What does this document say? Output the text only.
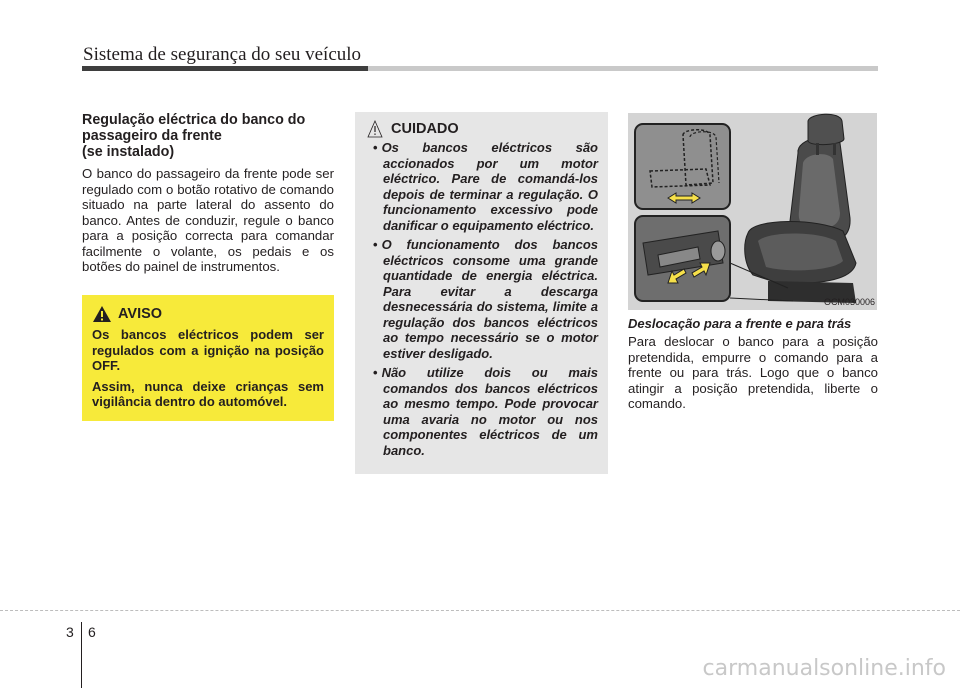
Sistema de segurança do seu veículo
Regulação eléctrica do banco do
passageiro da frente
(se instalado)

O banco do passageiro da frente pode ser regulado com o botão rotativo de comando situado na parte lateral do assento do banco. Antes de conduzir, regule o banco para a posição correcta para comandar facilmente o volante, os pedais e os botões do painel de instrumentos.

AVISO

Os bancos eléctricos podem ser regulados com a ignição na posição OFF.

Assim, nunca deixe crianças sem vigilância dentro do automóvel.

CUIDADO
• Os bancos eléctricos são accionados por um motor eléctrico. Pare de comandá-los depois de terminar a regulação. O funcionamento excessivo pode danificar o equipamento eléctrico.
• O funcionamento dos bancos eléctricos consome uma grande quantidade de energia eléctrica. Para evitar a descarga desnecessária do sistema, limite a regulação dos bancos eléctricos ao tempo necessário se o motor estiver desligado.
• Não utilize dois ou mais comandos dos bancos eléctricos ao mesmo tempo. Pode provocar uma avaria no motor ou nos componentes eléctricos de um banco.
OCM030006
Deslocação para a frente e para trás

Para deslocar o banco para a posição pretendida, empurre o comando para a frente ou para trás. Logo que o banco atingir a posição pretendida, liberte o comando.

3 6
carmanualsonline.info
